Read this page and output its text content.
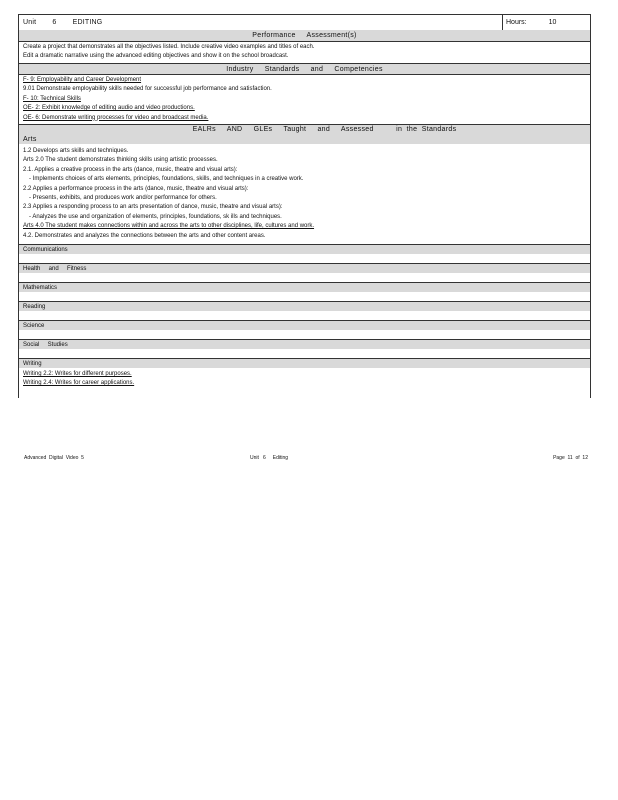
Unit 6 EDITING	Hours:	10
Performance     Assessment(s)
Create a project that demonstrates all the objectives listed. Include creative video examples and titles of each.
Edit a dramatic narrative using the advanced editing objectives and show it on the school broadcast.
Industry     Standards     and     Competencies
F- 9: Employability and Career Development
9.01 Demonstrate employability skills needed for successful job performance and satisfaction.
F- 10: Technical Skills
OE- 2: Exhibit knowledge of editing audio and video productions.
OE- 6: Demonstrate writing processes for video and broadcast media.
EALRs     AND     GLEs     Taught     and     Assessed          in  the  Standards
Arts
1.2 Develops arts skills and techniques.
Arts 2.0 The student demonstrates thinking skills using artistic processes.
2.1. Applies a creative process in the arts (dance, music, theatre and visual arts):
- Implements choices of arts elements, principles, foundations, skills, and techniques in a creative work.
2.2 Applies a performance process in the arts (dance, music, theatre and visual arts):
- Presents, exhibits, and produces work and/or performance for others.
2.3 Applies a responding process to an arts presentation of dance, music, theatre and visual arts):
- Analyzes the use and organization of elements, principles, foundations, sk ills and techniques.
Arts 4.0 The student makes connections within and across the arts to other disciplines, life, cultures and work.
4.2. Demonstrates and analyzes the connections between the arts and other content areas.
Communications
Health     and     Fitness
Mathematics
Reading
Science
Social     Studies
Writing
Writing 2.2: Writes for different purposes.
Writing 2.4: Writes for career applications.
Advanced  Digital  Video  5	Unit   6     Editing	Page  11  of  12
